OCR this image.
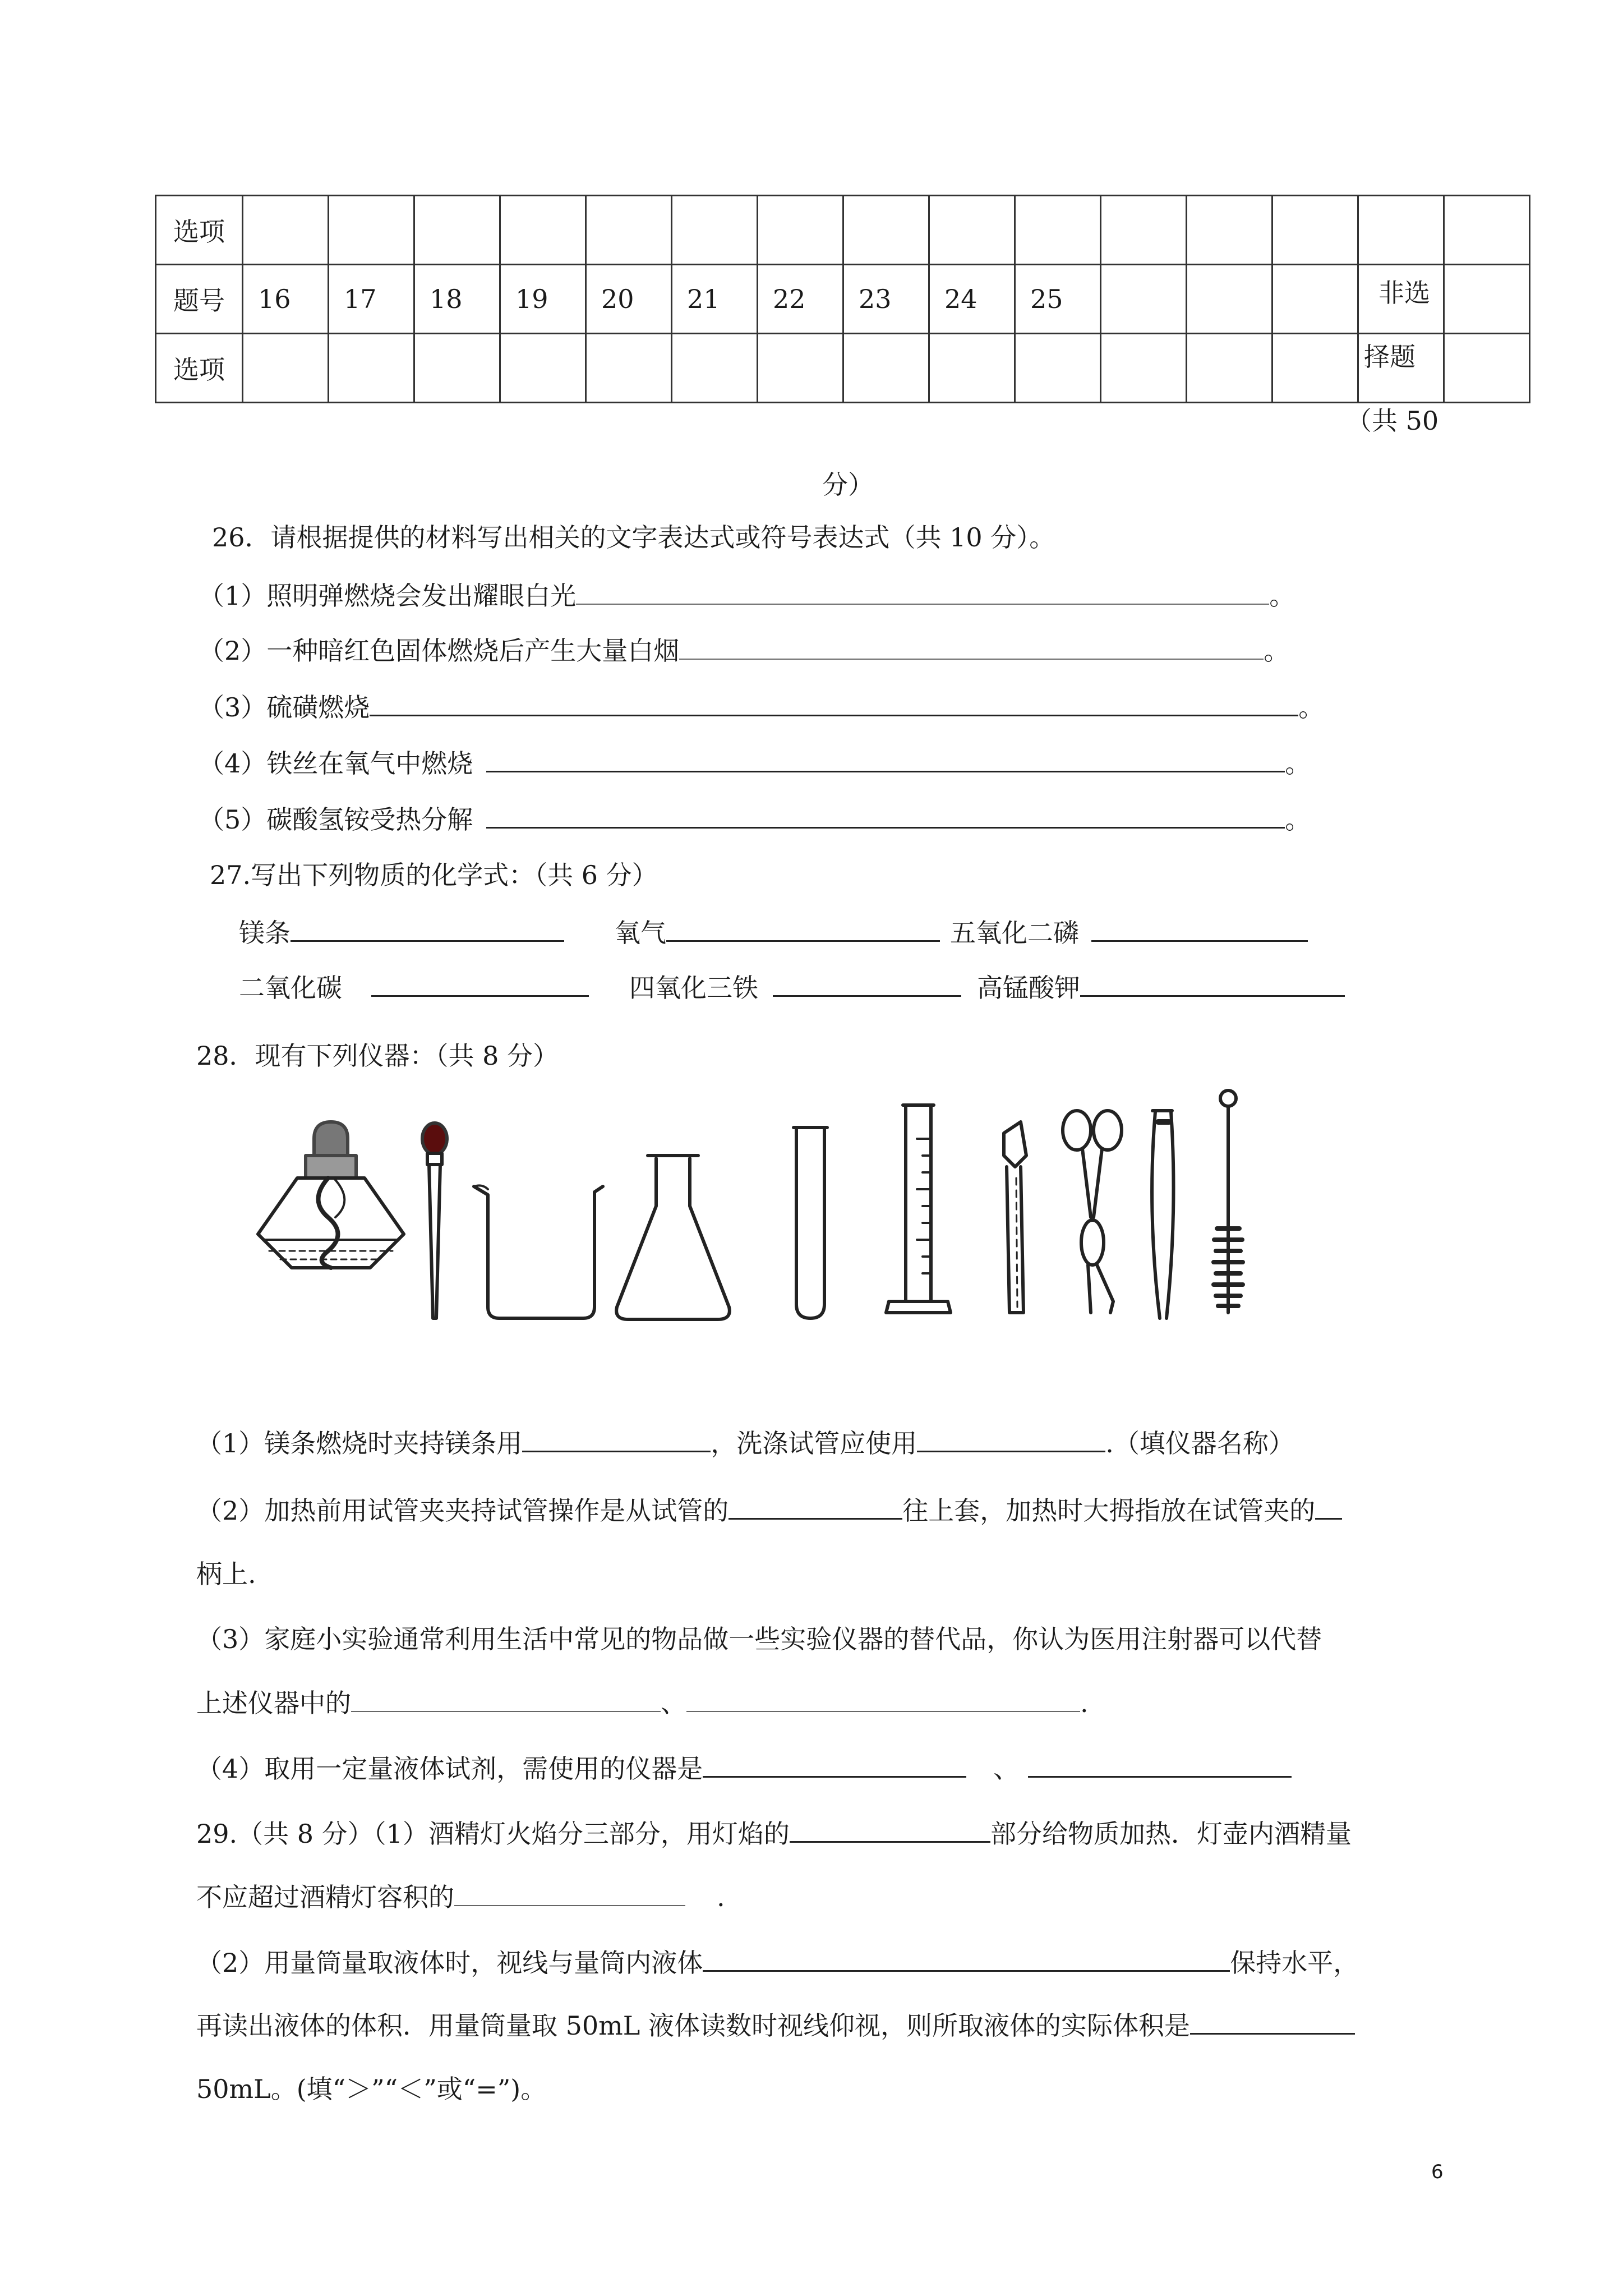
选项															
题号	16	17	18	19	20	21	22	23	24	25					
选项															
非选
择题
（共 50
分）
26．请根据提供的材料写出相关的文字表达式或符号表达式（共 10 分）。
（1）照明弹燃烧会发出耀眼白光	。
（2）一种暗红色固体燃烧后产生大量白烟	。
（3）硫磺燃烧	。
（4）铁丝在氧气中燃烧	。
（5）碳酸氢铵受热分解	。
27.写出下列物质的化学式：（共 6 分）
镁条	氧气	五氧化二磷
二氧化碳	四氧化三铁	高锰酸钾
28．现有下列仪器：（共 8 分）
（1）镁条燃烧时夹持镁条用	，洗涤试管应使用	.（填仪器名称）
（2）加热前用试管夹夹持试管操作是从试管的	往上套，加热时大拇指放在试管夹的
柄上.
（3）家庭小实验通常利用生活中常见的物品做一些实验仪器的替代品，你认为医用注射器可以代替
上述仪器中的	、	.
（4）取用一定量液体试剂，需使用的仪器是	、
29.（共 8 分）（1）酒精灯火焰分三部分，用灯焰的	部分给物质加热．灯壶内酒精量
不应超过酒精灯容积的	.
（2）用量筒量取液体时，视线与量筒内液体	保持水平，
再读出液体的体积．用量筒量取 50mL 液体读数时视线仰视，则所取液体的实际体积是
50mL。(填“＞”“＜”或“=”)。
6
